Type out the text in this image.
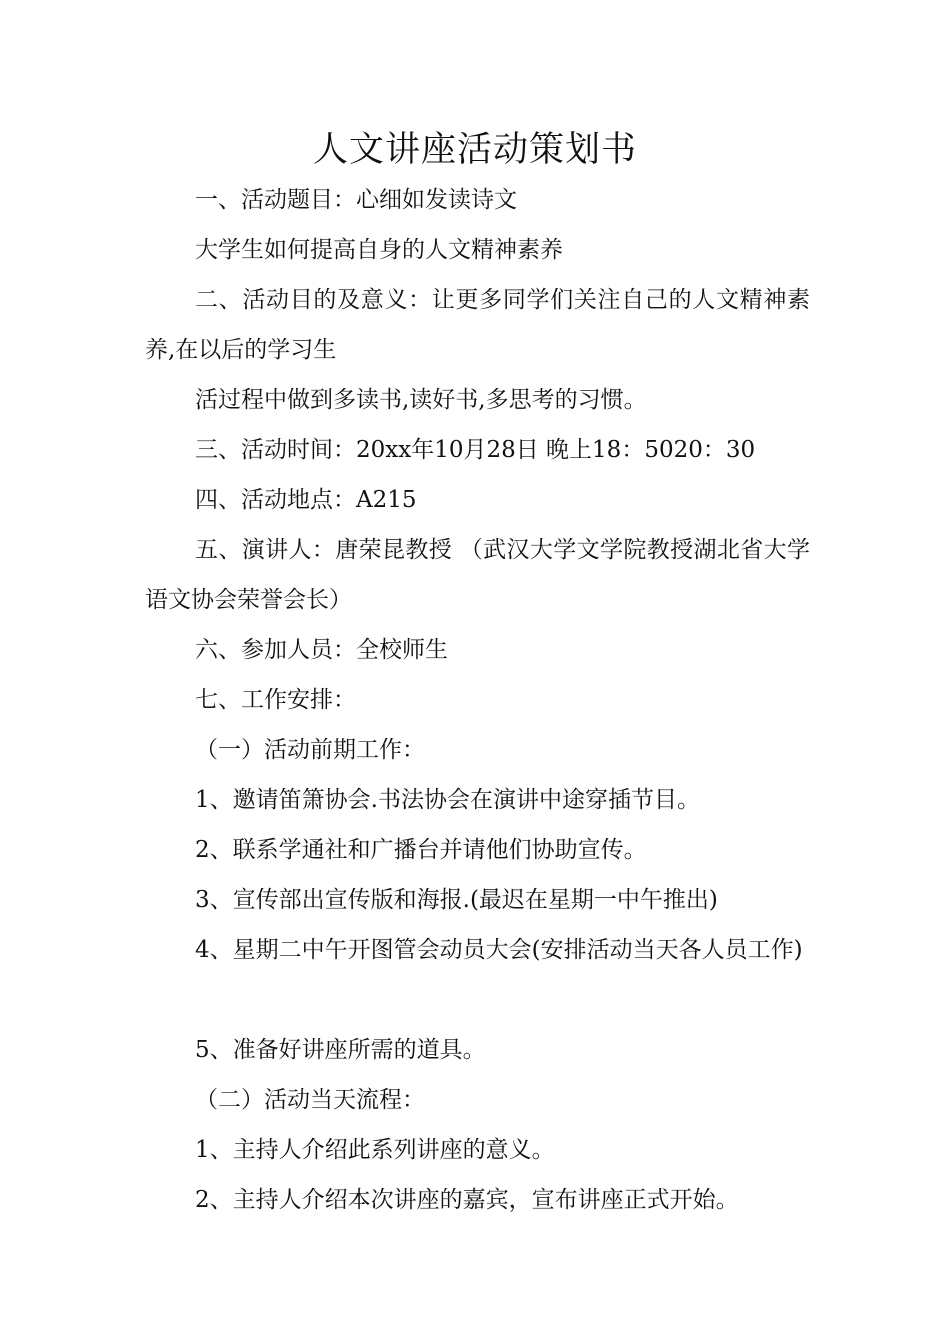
人文讲座活动策划书

一、活动题目：心细如发读诗文

大学生如何提高自身的人文精神素养

二、活动目的及意义：让更多同学们关注自己的人文精神素养,在以后的学习生

活过程中做到多读书,读好书,多思考的习惯。

三、活动时间：20xx年10月28日 晚上18：5020：30

四、活动地点：A215

五、演讲人：唐荣昆教授 （武汉大学文学院教授湖北省大学语文协会荣誉会长）

六、参加人员：全校师生

七、工作安排：

（一）活动前期工作：

1、邀请笛箫协会.书法协会在演讲中途穿插节目。

2、联系学通社和广播台并请他们协助宣传。

3、宣传部出宣传版和海报.(最迟在星期一中午推出)

4、星期二中午开图管会动员大会(安排活动当天各人员工作)

5、准备好讲座所需的道具。

（二）活动当天流程：

1、主持人介绍此系列讲座的意义。

2、主持人介绍本次讲座的嘉宾，宣布讲座正式开始。
